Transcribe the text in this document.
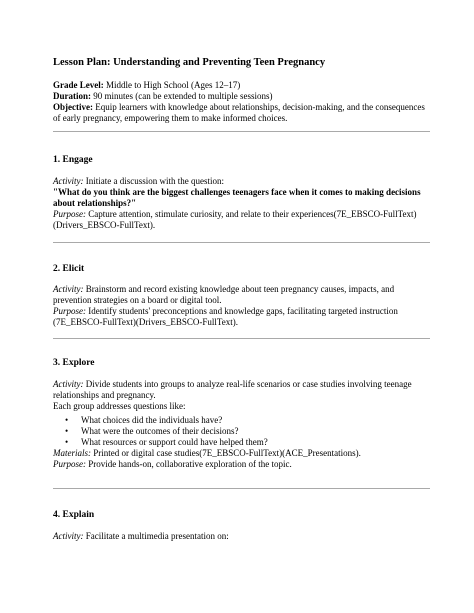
Lesson Plan: Understanding and Preventing Teen Pregnancy

Grade Level: Middle to High School (Ages 12–17)

Duration: 90 minutes (can be extended to multiple sessions)

Objective: Equip learners with knowledge about relationships, decision-making, and the consequences of early pregnancy, empowering them to make informed choices.

1. Engage

Activity: Initiate a discussion with the question:

"What do you think are the biggest challenges teenagers face when it comes to making decisions about relationships?"

Purpose: Capture attention, stimulate curiosity, and relate to their experiences(7E_EBSCO-FullText)(Drivers_EBSCO-FullText).

2. Elicit

Activity: Brainstorm and record existing knowledge about teen pregnancy causes, impacts, and prevention strategies on a board or digital tool.

Purpose: Identify students' preconceptions and knowledge gaps, facilitating targeted instruction (7E_EBSCO-FullText)(Drivers_EBSCO-FullText).

3. Explore

Activity: Divide students into groups to analyze real-life scenarios or case studies involving teenage relationships and pregnancy.

Each group addresses questions like:

• What choices did the individuals have?
• What were the outcomes of their decisions?
• What resources or support could have helped them?

Materials: Printed or digital case studies(7E_EBSCO-FullText)(ACE_Presentations).

Purpose: Provide hands-on, collaborative exploration of the topic.

4. Explain

Activity: Facilitate a multimedia presentation on:
